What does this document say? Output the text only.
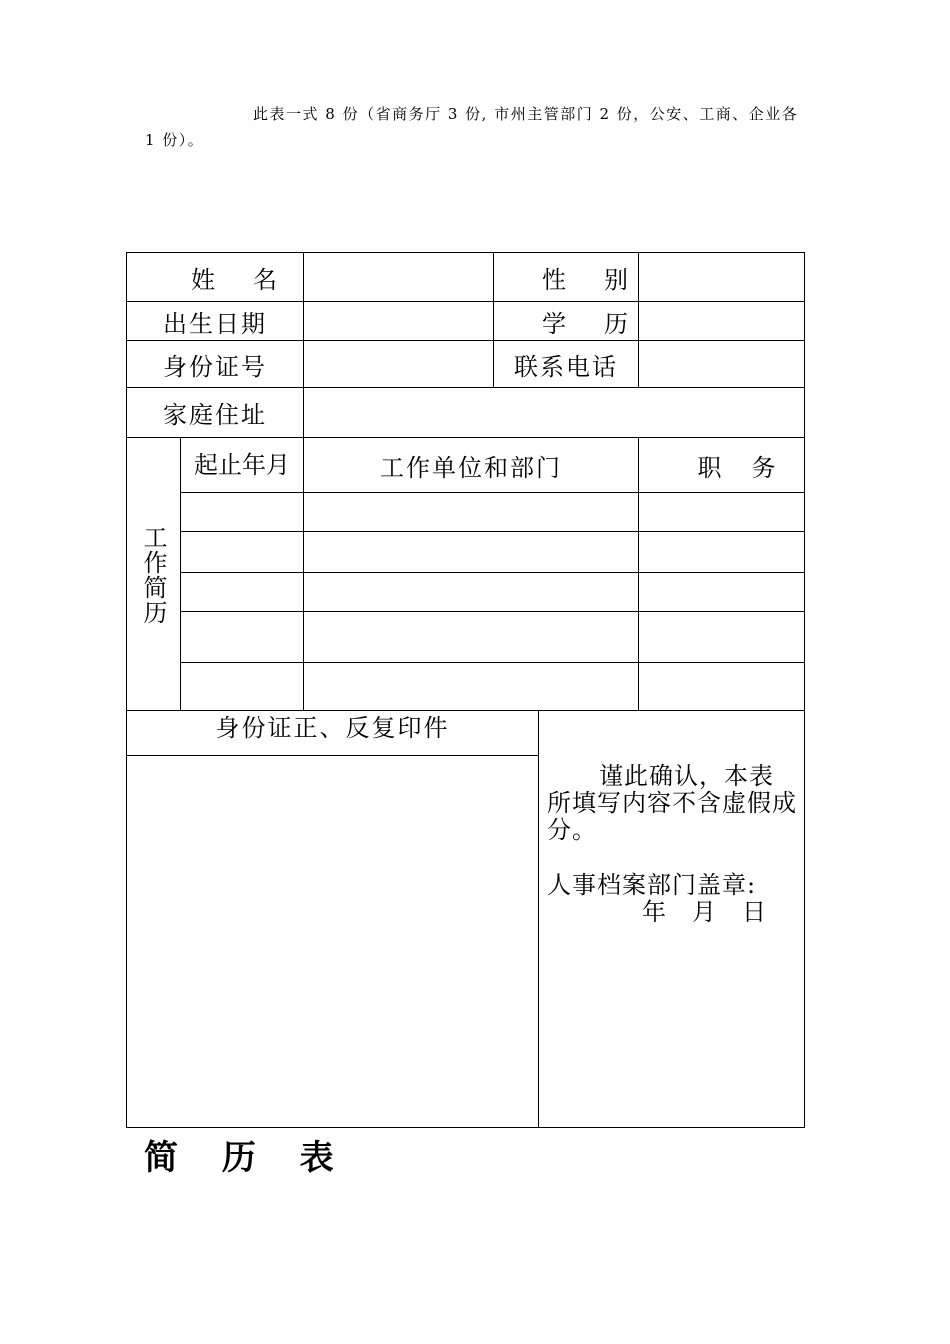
此表一式 8 份（省商务厅 3 份, 市州主管部门 2 份，公安、工商、企业各 1 份）。

姓名	性别
出生日期	学历
身份证号	联系电话
家庭住址
工作简历
起止年月	工作单位和部门	职务
身份证正、反复印件

谨此确认，本表所填写内容不含虚假成分。

人事档案部门盖章:

年　月　日

简 历 表
